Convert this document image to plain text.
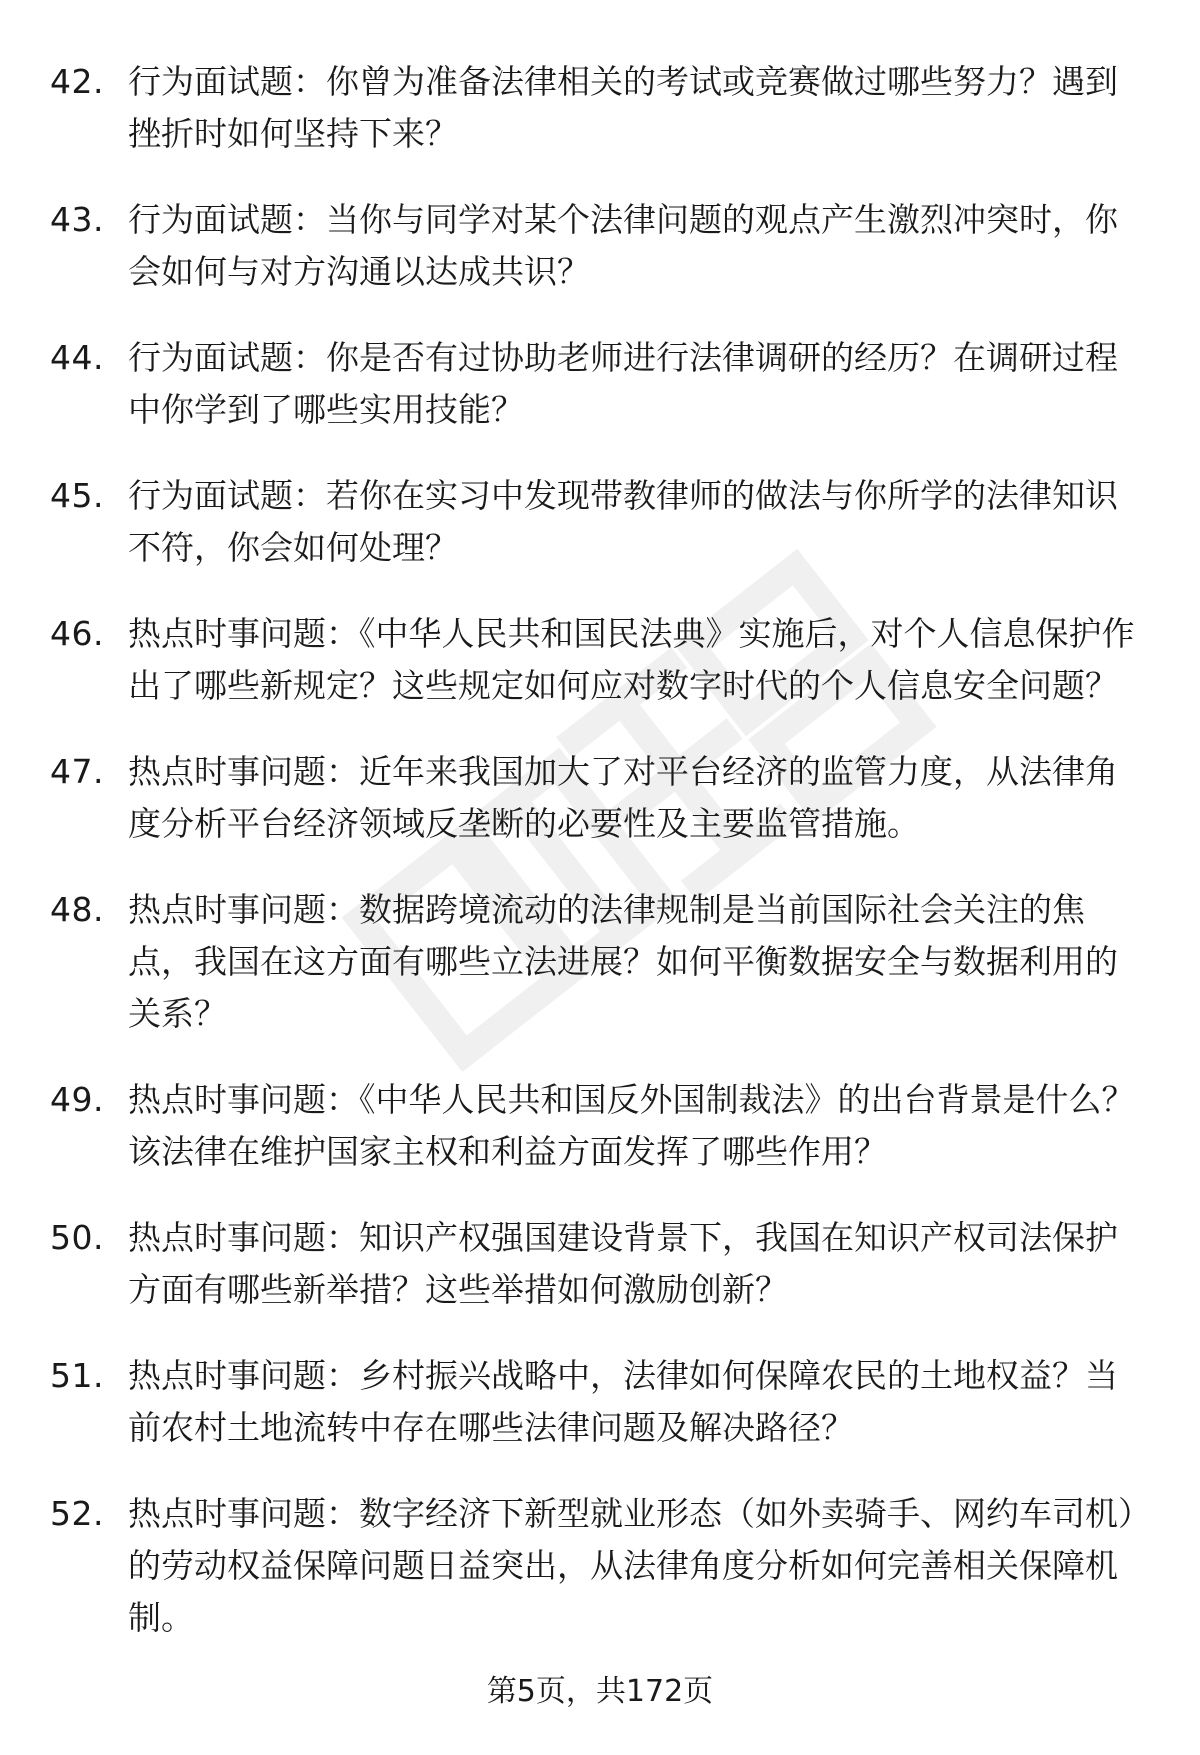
42. 行为面试题：你曾为准备法律相关的考试或竞赛做过哪些努力？遇到挫折时如何坚持下来？
43. 行为面试题：当你与同学对某个法律问题的观点产生激烈冲突时，你会如何与对方沟通以达成共识？
44. 行为面试题：你是否有过协助老师进行法律调研的经历？在调研过程中你学到了哪些实用技能？
45. 行为面试题：若你在实习中发现带教律师的做法与你所学的法律知识不符，你会如何处理？
46. 热点时事问题：《中华人民共和国民法典》实施后，对个人信息保护作出了哪些新规定？这些规定如何应对数字时代的个人信息安全问题？
47. 热点时事问题：近年来我国加大了对平台经济的监管力度，从法律角度分析平台经济领域反垄断的必要性及主要监管措施。
48. 热点时事问题：数据跨境流动的法律规制是当前国际社会关注的焦点，我国在这方面有哪些立法进展？如何平衡数据安全与数据利用的关系？
49. 热点时事问题：《中华人民共和国反外国制裁法》的出台背景是什么？该法律在维护国家主权和利益方面发挥了哪些作用？
50. 热点时事问题：知识产权强国建设背景下，我国在知识产权司法保护方面有哪些新举措？这些举措如何激励创新？
51. 热点时事问题：乡村振兴战略中，法律如何保障农民的土地权益？当前农村土地流转中存在哪些法律问题及解决路径？
52. 热点时事问题：数字经济下新型就业形态（如外卖骑手、网约车司机）的劳动权益保障问题日益突出，从法律角度分析如何完善相关保障机制。
第5页，共172页
